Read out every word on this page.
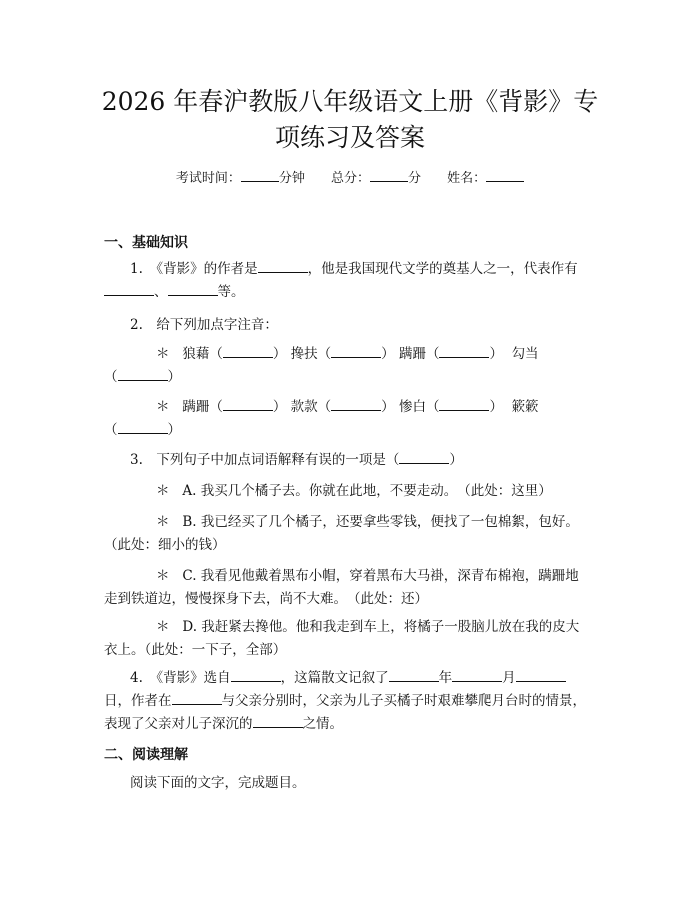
2026 年春沪教版八年级语文上册《背影》专
项练习及答案
考试时间：	分钟 总分：	分 姓名：
一、基础知识
1.　《背影》的作者是	，他是我国现代文学的奠基人之一，代表作有
、	等。
2.　给下列加点字注音：
＊ 狼藉（	） 搀扶（	） 蹒跚（	） 勾当
（	）
＊ 蹒跚（	） 款款（	） 惨白（	） 簌簌
（	）
3.　下列句子中加点词语解释有误的一项是（	）
＊ A. 我买几个橘子去。你就在此地，不要走动。　（此处：这里）
＊ B. 我已经买了几个橘子，还要拿些零钱，便找了一包棉絮，包好。
（此处：细小的钱）
＊ C. 我看见他戴着黑布小帽，穿着黑布大马褂，深青布棉袍，蹒跚地
走到铁道边，慢慢探身下去，尚不大难。　（此处：还）
＊ D. 我赶紧去搀他。他和我走到车上，将橘子一股脑儿放在我的皮大
衣上。（此处：一下子，全部）
4.　《背影》选自	，这篇散文记叙了	年	月
日，作者在	与父亲分别时，父亲为儿子买橘子时艰难攀爬月台时的情景，
表现了父亲对儿子深沉的	之情。
二、阅读理解
阅读下面的文字，完成题目。
